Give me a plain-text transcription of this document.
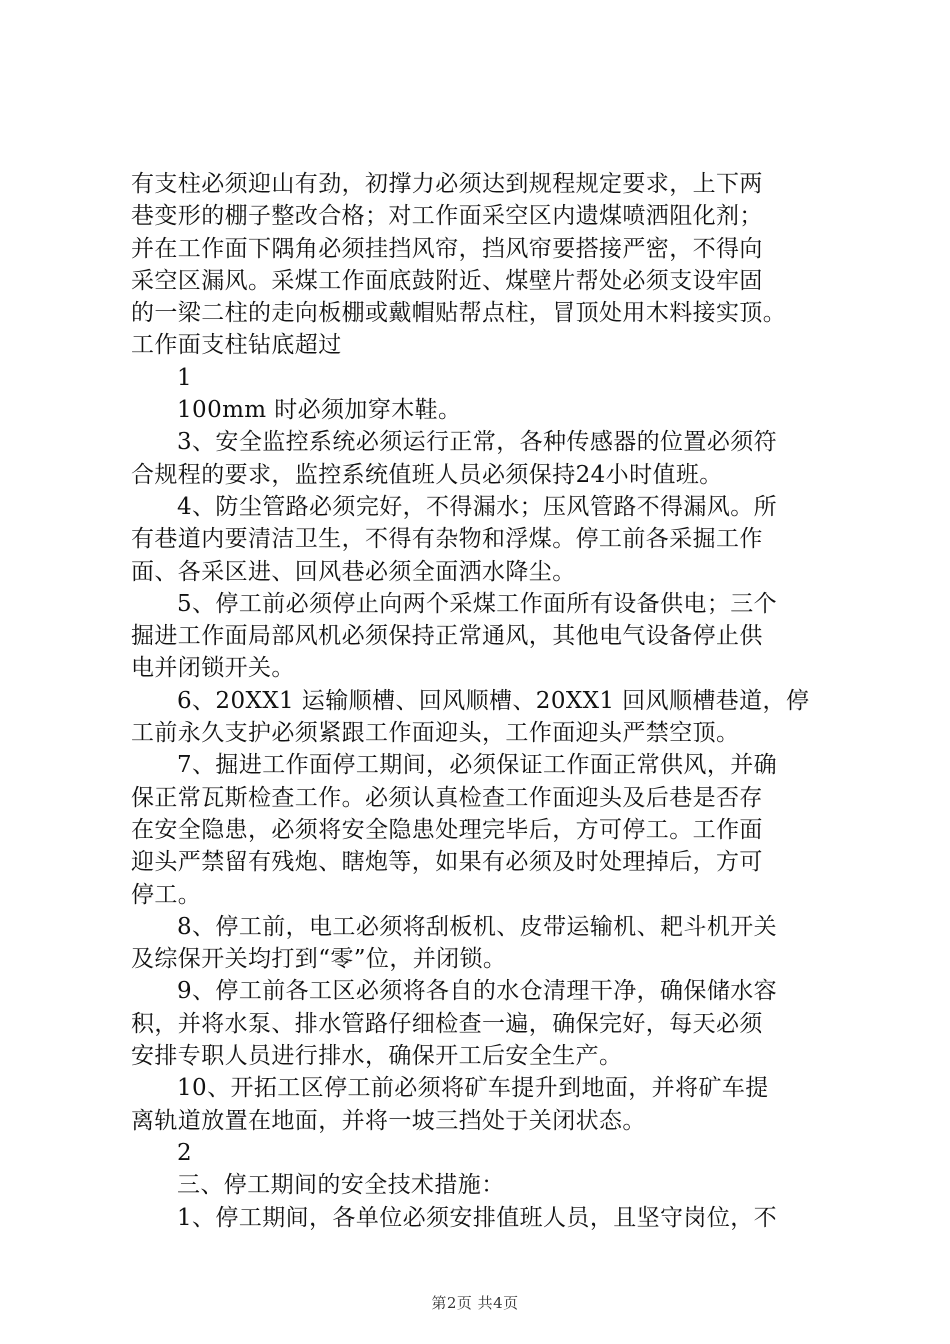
有支柱必须迎山有劲，初撑力必须达到规程规定要求，上下两
巷变形的棚子整改合格；对工作面采空区内遗煤喷洒阻化剂；
并在工作面下隅角必须挂挡风帘，挡风帘要搭接严密，不得向
采空区漏风。采煤工作面底鼓附近、煤壁片帮处必须支设牢固
的一梁二柱的走向板棚或戴帽贴帮点柱，冒顶处用木料接实顶。
工作面支柱钻底超过
1
100mm 时必须加穿木鞋。
3、安全监控系统必须运行正常，各种传感器的位置必须符
合规程的要求，监控系统值班人员必须保持24小时值班。
4、防尘管路必须完好，不得漏水；压风管路不得漏风。所
有巷道内要清洁卫生，不得有杂物和浮煤。停工前各采掘工作
面、各采区进、回风巷必须全面洒水降尘。
5、停工前必须停止向两个采煤工作面所有设备供电；三个
掘进工作面局部风机必须保持正常通风，其他电气设备停止供
电并闭锁开关。
6、20XX1 运输顺槽、回风顺槽、20XX1 回风顺槽巷道，停
工前永久支护必须紧跟工作面迎头，工作面迎头严禁空顶。
7、掘进工作面停工期间，必须保证工作面正常供风，并确
保正常瓦斯检查工作。必须认真检查工作面迎头及后巷是否存
在安全隐患，必须将安全隐患处理完毕后，方可停工。工作面
迎头严禁留有残炮、瞎炮等，如果有必须及时处理掉后，方可
停工。
8、停工前，电工必须将刮板机、皮带运输机、耙斗机开关
及综保开关均打到“零”位，并闭锁。
9、停工前各工区必须将各自的水仓清理干净，确保储水容
积，并将水泵、排水管路仔细检查一遍，确保完好，每天必须
安排专职人员进行排水，确保开工后安全生产。
10、开拓工区停工前必须将矿车提升到地面，并将矿车提
离轨道放置在地面，并将一坡三挡处于关闭状态。
2
三、停工期间的安全技术措施：
1、停工期间，各单位必须安排值班人员，且坚守岗位，不
第2页 共4页
